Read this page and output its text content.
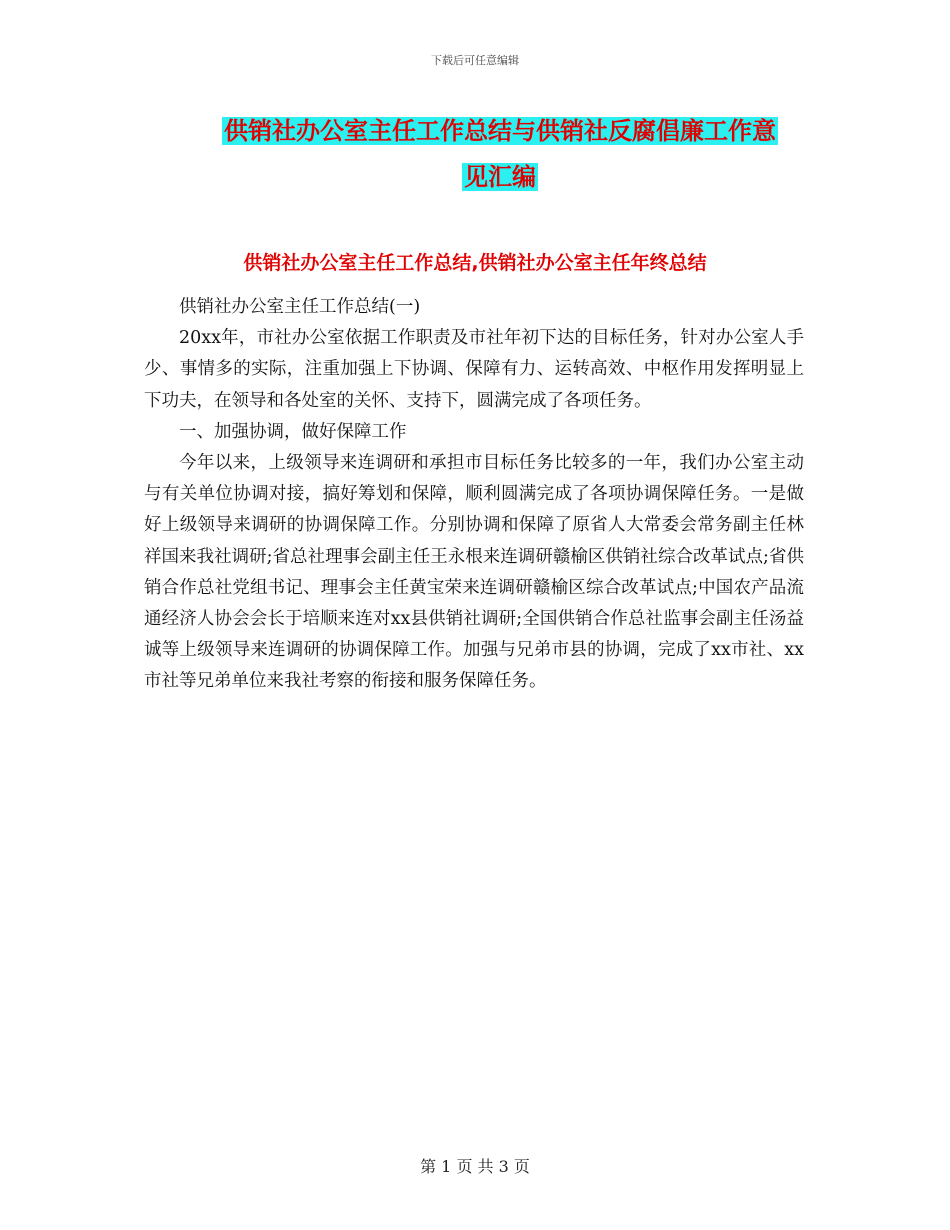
下载后可任意编辑
供销社办公室主任工作总结与供销社反腐倡廉工作意
见汇编
供销社办公室主任工作总结,供销社办公室主任年终总结

供销社办公室主任工作总结(一)

20xx年，市社办公室依据工作职责及市社年初下达的目标任务，针对办公室人手少、事情多的实际，注重加强上下协调、保障有力、运转高效、中枢作用发挥明显上下功夫，在领导和各处室的关怀、支持下，圆满完成了各项任务。

一、加强协调，做好保障工作

今年以来，上级领导来连调研和承担市目标任务比较多的一年，我们办公室主动与有关单位协调对接，搞好筹划和保障，顺利圆满完成了各项协调保障任务。一是做好上级领导来调研的协调保障工作。分别协调和保障了原省人大常委会常务副主任林祥国来我社调研;省总社理事会副主任王永根来连调研赣榆区供销社综合改革试点;省供销合作总社党组书记、理事会主任黄宝荣来连调研赣榆区综合改革试点;中国农产品流通经济人协会会长于培顺来连对xx县供销社调研;全国供销合作总社监事会副主任汤益诚等上级领导来连调研的协调保障工作。加强与兄弟市县的协调，完成了xx市社、xx市社等兄弟单位来我社考察的衔接和服务保障任务。

第 1 页 共 3 页
